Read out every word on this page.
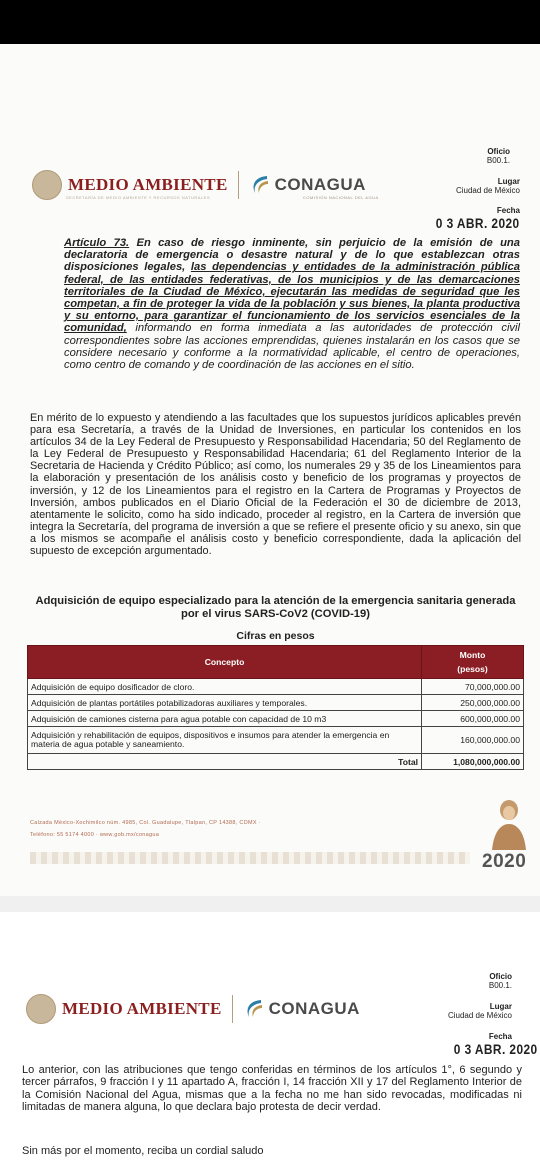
MEDIO AMBIENTE	CONAGUA
SECRETARÍA DE MEDIO AMBIENTE Y RECURSOS NATURALES	COMISIÓN NACIONAL DEL AGUA
Oficio
B00.1.
Lugar
Ciudad de México
Fecha
0 3 ABR. 2020
Artículo 73. En caso de riesgo inminente, sin perjuicio de la emisión de una declaratoria de emergencia o desastre natural y de lo que establezcan otras disposiciones legales, las dependencias y entidades de la administración pública federal, de las entidades federativas, de los municipios y de las demarcaciones territoriales de la Ciudad de México, ejecutarán las medidas de seguridad que les competan, a fin de proteger la vida de la población y sus bienes, la planta productiva y su entorno, para garantizar el funcionamiento de los servicios esenciales de la comunidad, informando en forma inmediata a las autoridades de protección civil correspondientes sobre las acciones emprendidas, quienes instalarán en los casos que se considere necesario y conforme a la normatividad aplicable, el centro de operaciones, como centro de comando y de coordinación de las acciones en el sitio.
En mérito de lo expuesto y atendiendo a las facultades que los supuestos jurídicos aplicables prevén para esa Secretaría, a través de la Unidad de Inversiones, en particular los contenidos en los artículos 34 de la Ley Federal de Presupuesto y Responsabilidad Hacendaria; 50 del Reglamento de la Ley Federal de Presupuesto y Responsabilidad Hacendaria; 61 del Reglamento Interior de la Secretaria de Hacienda y Crédito Público; así como, los numerales 29 y 35 de los Lineamientos para la elaboración y presentación de los análisis costo y beneficio de los programas y proyectos de inversión, y 12 de los Lineamientos para el registro en la Cartera de Programas y Proyectos de Inversión, ambos publicados en el Diario Oficial de la Federación el 30 de diciembre de 2013, atentamente le solicito, como ha sido indicado, proceder al registro, en la Cartera de inversión que integra la Secretaría, del programa de inversión a que se refiere el presente oficio y su anexo, sin que a los mismos se acompañe el análisis costo y beneficio correspondiente, dada la aplicación del supuesto de excepción argumentado.
Adquisición de equipo especializado para la atención de la emergencia sanitaria generada por el virus SARS-CoV2 (COVID-19)
Cifras en pesos
Concepto	Monto
(pesos)

Adquisición de equipo dosificador de cloro.	70,000,000.00
Adquisición de plantas portátiles potabilizadoras auxiliares y temporales.	250,000,000.00
Adquisición de camiones cisterna para agua potable con capacidad de 10 m3	600,000,000.00
Adquisición y rehabilitación de equipos, dispositivos e insumos para atender la emergencia en materia de agua potable y saneamiento.	160,000,000.00
Total	1,080,000,000.00
Calzada México-Xochimilco núm. 4985, Col. Guadalupe, Tlalpan, CP 14388, CDMX ·
Teléfono: 55 5174 4000 · www.gob.mx/conagua
2020
MEDIO AMBIENTE	CONAGUA
Oficio
B00.1.
Lugar
Ciudad de México
Fecha
0 3 ABR. 2020
Lo anterior, con las atribuciones que tengo conferidas en términos de los artículos 1°, 6 segundo y tercer párrafos, 9 fracción I y 11 apartado A, fracción I, 14 fracción XII y 17 del Reglamento Interior de la Comisión Nacional del Agua, mismas que a la fecha no me han sido revocadas, modificadas ni limitadas de manera alguna, lo que declara bajo protesta de decir verdad.
Sin más por el momento, reciba un cordial saludo
